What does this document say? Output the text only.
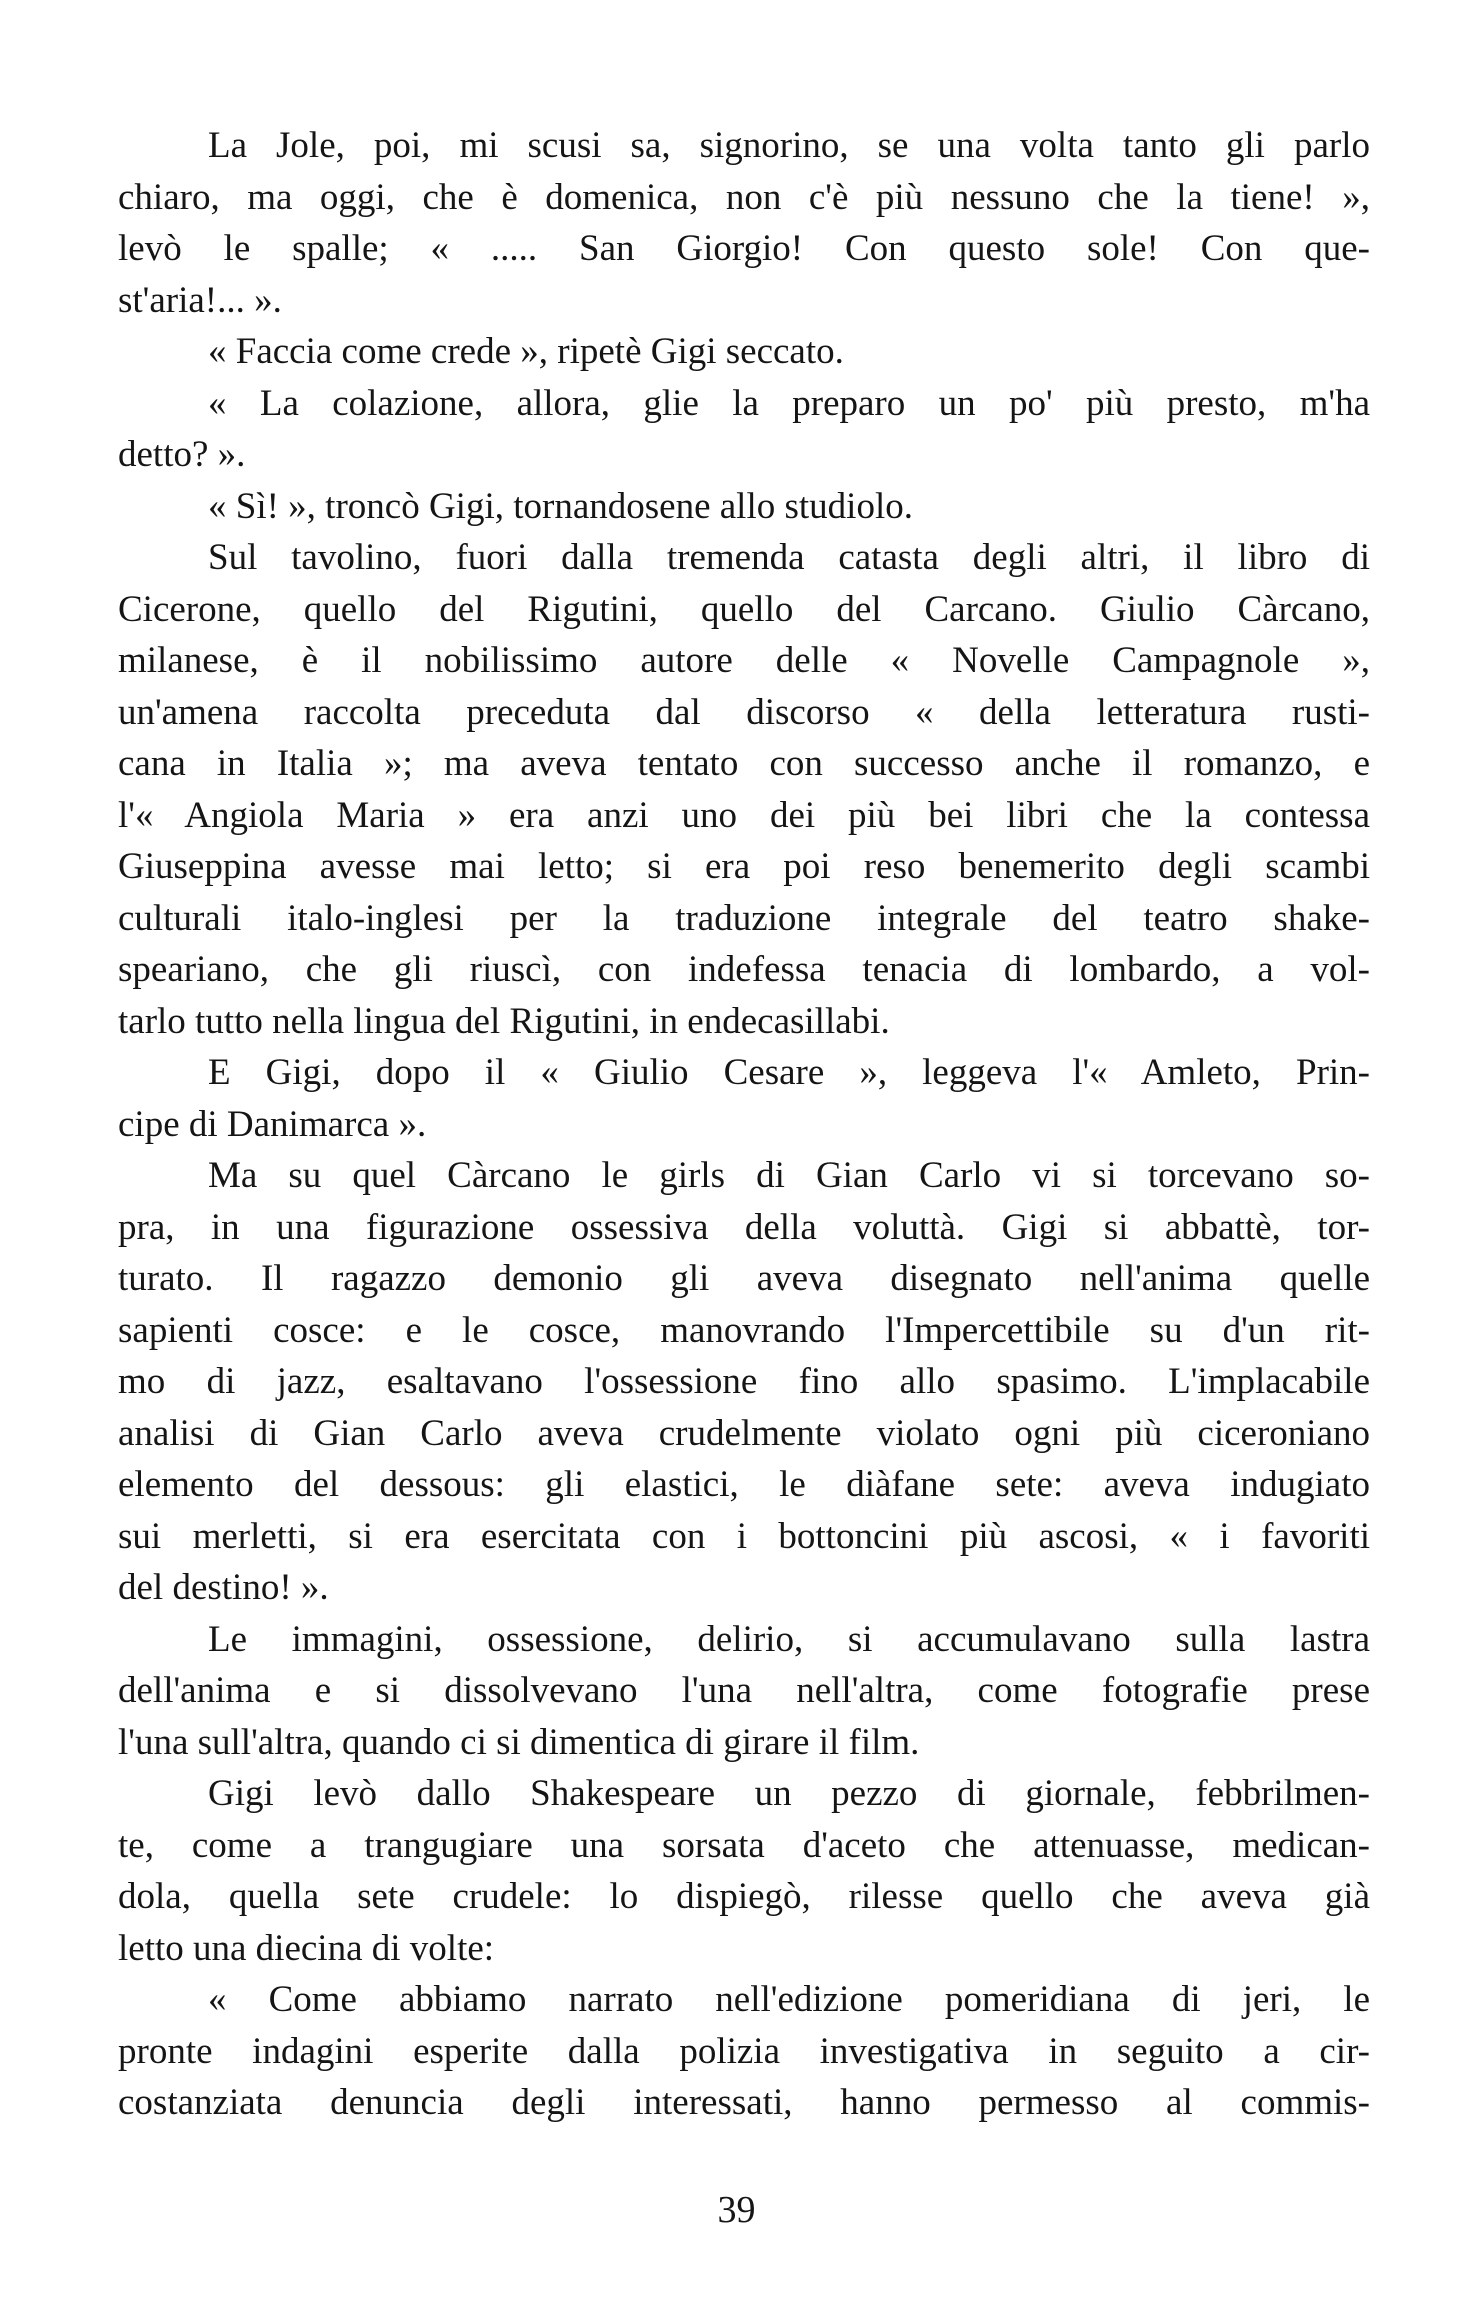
La Jole, poi, mi scusi sa, signorino, se una volta tanto gli parlo
chiaro, ma oggi, che è domenica, non c'è più nessuno che la tiene! »,
levò le spalle; « ..... San Giorgio! Con questo sole! Con que-
st'aria!... ».
« Faccia come crede », ripetè Gigi seccato.
« La colazione, allora, glie la preparo un po' più presto, m'ha
detto? ».
« Sì! », troncò Gigi, tornandosene allo studiolo.
Sul tavolino, fuori dalla tremenda catasta degli altri, il libro di
Cicerone, quello del Rigutini, quello del Carcano. Giulio Càrcano,
milanese, è il nobilissimo autore delle « Novelle Campagnole »,
un'amena raccolta preceduta dal discorso « della letteratura rusti-
cana in Italia »; ma aveva tentato con successo anche il romanzo, e
l'« Angiola Maria » era anzi uno dei più bei libri che la contessa
Giuseppina avesse mai letto; si era poi reso benemerito degli scambi
culturali italo-inglesi per la traduzione integrale del teatro shake-
speariano, che gli riuscì, con indefessa tenacia di lombardo, a vol-
tarlo tutto nella lingua del Rigutini, in endecasillabi.
E Gigi, dopo il « Giulio Cesare », leggeva l'« Amleto, Prin-
cipe di Danimarca ».
Ma su quel Càrcano le girls di Gian Carlo vi si torcevano so-
pra, in una figurazione ossessiva della voluttà. Gigi si abbattè, tor-
turato. Il ragazzo demonio gli aveva disegnato nell'anima quelle
sapienti cosce: e le cosce, manovrando l'Impercettibile su d'un rit-
mo di jazz, esaltavano l'ossessione fino allo spasimo. L'implacabile
analisi di Gian Carlo aveva crudelmente violato ogni più ciceroniano
elemento del dessous: gli elastici, le diàfane sete: aveva indugiato
sui merletti, si era esercitata con i bottoncini più ascosi, « i favoriti
del destino! ».
Le immagini, ossessione, delirio, si accumulavano sulla lastra
dell'anima e si dissolvevano l'una nell'altra, come fotografie prese
l'una sull'altra, quando ci si dimentica di girare il film.
Gigi levò dallo Shakespeare un pezzo di giornale, febbrilmen-
te, come a trangugiare una sorsata d'aceto che attenuasse, medican-
dola, quella sete crudele: lo dispiegò, rilesse quello che aveva già
letto una diecina di volte:
« Come abbiamo narrato nell'edizione pomeridiana di jeri, le
pronte indagini esperite dalla polizia investigativa in seguito a cir-
costanziata denuncia degli interessati, hanno permesso al commis-
39
